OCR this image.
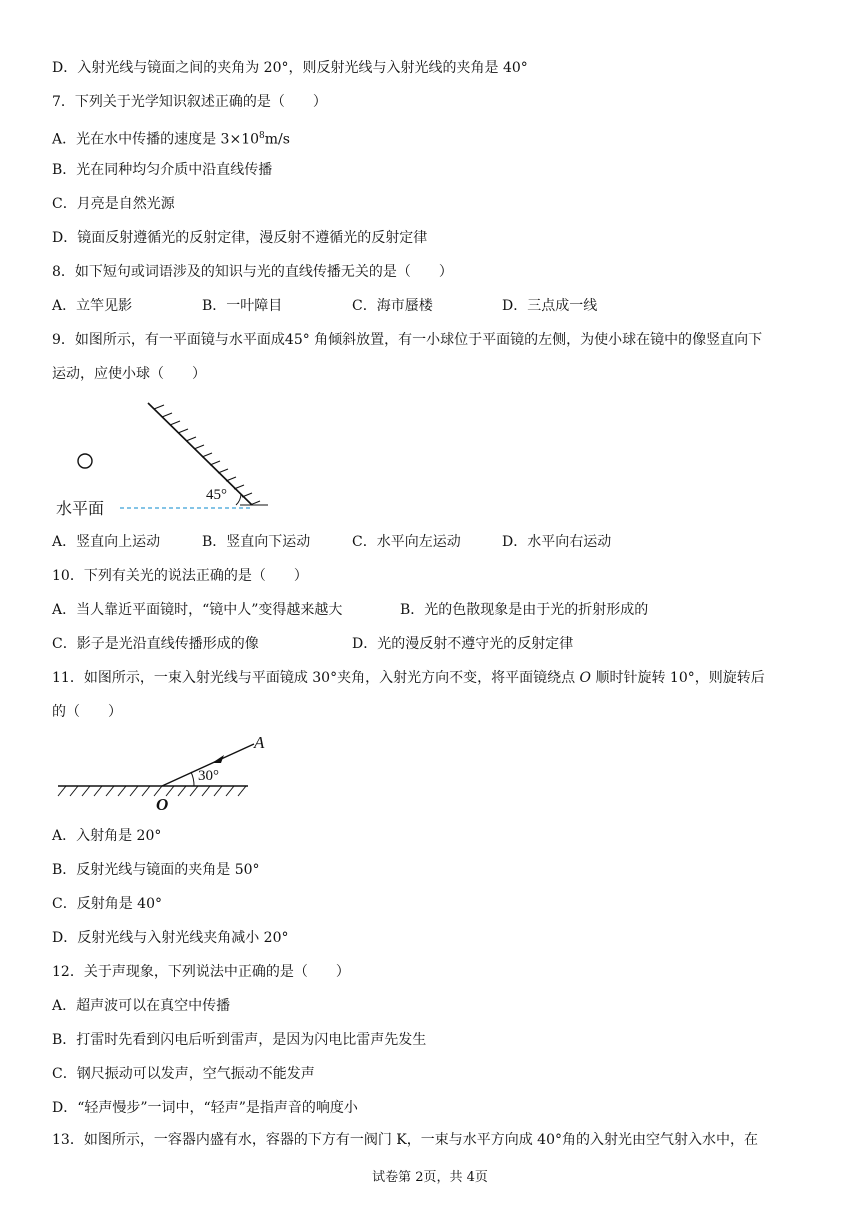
D．入射光线与镜面之间的夹角为 20°，则反射光线与入射光线的夹角是 40°
7．下列关于光学知识叙述正确的是（　　）
A．光在水中传播的速度是 $3\times 10^8m/s$
B．光在同种均匀介质中沿直线传播
C．月亮是自然光源
D．镜面反射遵循光的反射定律，漫反射不遵循光的反射定律
8．如下短句或词语涉及的知识与光的直线传播无关的是（　　）
A．立竿见影	B．一叶障目	C．海市蜃楼	D．三点成一线
9．如图所示，有一平面镜与水平面成45° 角倾斜放置，有一小球位于平面镜的左侧，为使小球在镜中的像竖直向下
运动，应使小球（　　）
45°
水平面
A．竖直向上运动	B．竖直向下运动	C．水平向左运动	D．水平向右运动
10．下列有关光的说法正确的是（　　）
A．当人靠近平面镜时，“镜中人”变得越来越大	B．光的色散现象是由于光的折射形成的
C．影子是光沿直线传播形成的像	D．光的漫反射不遵守光的反射定律
11．如图所示，一束入射光线与平面镜成 30°夹角，入射光方向不变，将平面镜绕点 O 顺时针旋转 10°，则旋转后
的（　　）
30°
A
O
A．入射角是 20°
B．反射光线与镜面的夹角是 50°
C．反射角是 40°
D．反射光线与入射光线夹角减小 20°
12．关于声现象，下列说法中正确的是（　　）
A．超声波可以在真空中传播
B．打雷时先看到闪电后听到雷声，是因为闪电比雷声先发生
C．钢尺振动可以发声，空气振动不能发声
D．“轻声慢步”一词中，“轻声”是指声音的响度小
13．如图所示，一容器内盛有水，容器的下方有一阀门 K，一束与水平方向成 40°角的入射光由空气射入水中，在
试卷第 2页，共 4页
